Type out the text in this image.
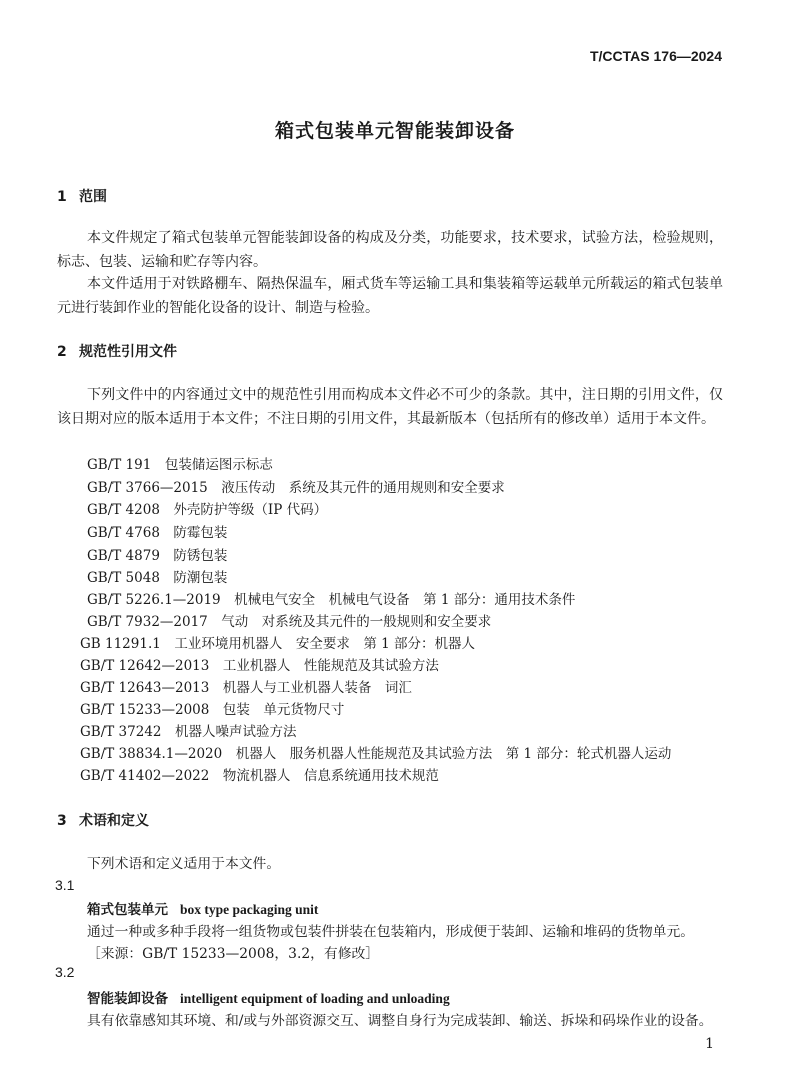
T/CCTAS 176—2024
箱式包装单元智能装卸设备
1 范围
本文件规定了箱式包装单元智能装卸设备的构成及分类，功能要求，技术要求，试验方法，检验规则，标志、包装、运输和贮存等内容。
本文件适用于对铁路棚车、隔热保温车，厢式货车等运输工具和集装箱等运载单元所载运的箱式包装单元进行装卸作业的智能化设备的设计、制造与检验。
2 规范性引用文件
下列文件中的内容通过文中的规范性引用而构成本文件必不可少的条款。其中，注日期的引用文件，仅该日期对应的版本适用于本文件；不注日期的引用文件，其最新版本（包括所有的修改单）适用于本文件。
GB/T 191　包装储运图示标志
GB/T 3766—2015　液压传动　系统及其元件的通用规则和安全要求
GB/T 4208　外壳防护等级（IP 代码）
GB/T 4768　防霉包装
GB/T 4879　防锈包装
GB/T 5048　防潮包装
GB/T 5226.1—2019　机械电气安全　机械电气设备　第 1 部分：通用技术条件
GB/T 7932—2017　气动　对系统及其元件的一般规则和安全要求
GB 11291.1　工业环境用机器人　安全要求　第 1 部分：机器人
GB/T 12642—2013　工业机器人　性能规范及其试验方法
GB/T 12643—2013　机器人与工业机器人装备　词汇
GB/T 15233—2008　包装　单元货物尺寸
GB/T 37242　机器人噪声试验方法
GB/T 38834.1—2020　机器人　服务机器人性能规范及其试验方法　第 1 部分：轮式机器人运动
GB/T 41402—2022　物流机器人　信息系统通用技术规范
3 术语和定义
下列术语和定义适用于本文件。
3.1
箱式包装单元 box type packaging unit
通过一种或多种手段将一组货物或包装件拼装在包装箱内，形成便于装卸、运输和堆码的货物单元。
［来源：GB/T 15233—2008，3.2，有修改］
3.2
智能装卸设备 intelligent equipment of loading and unloading
具有依靠感知其环境、和/或与外部资源交互、调整自身行为完成装卸、输送、拆垛和码垛作业的设备。
1
